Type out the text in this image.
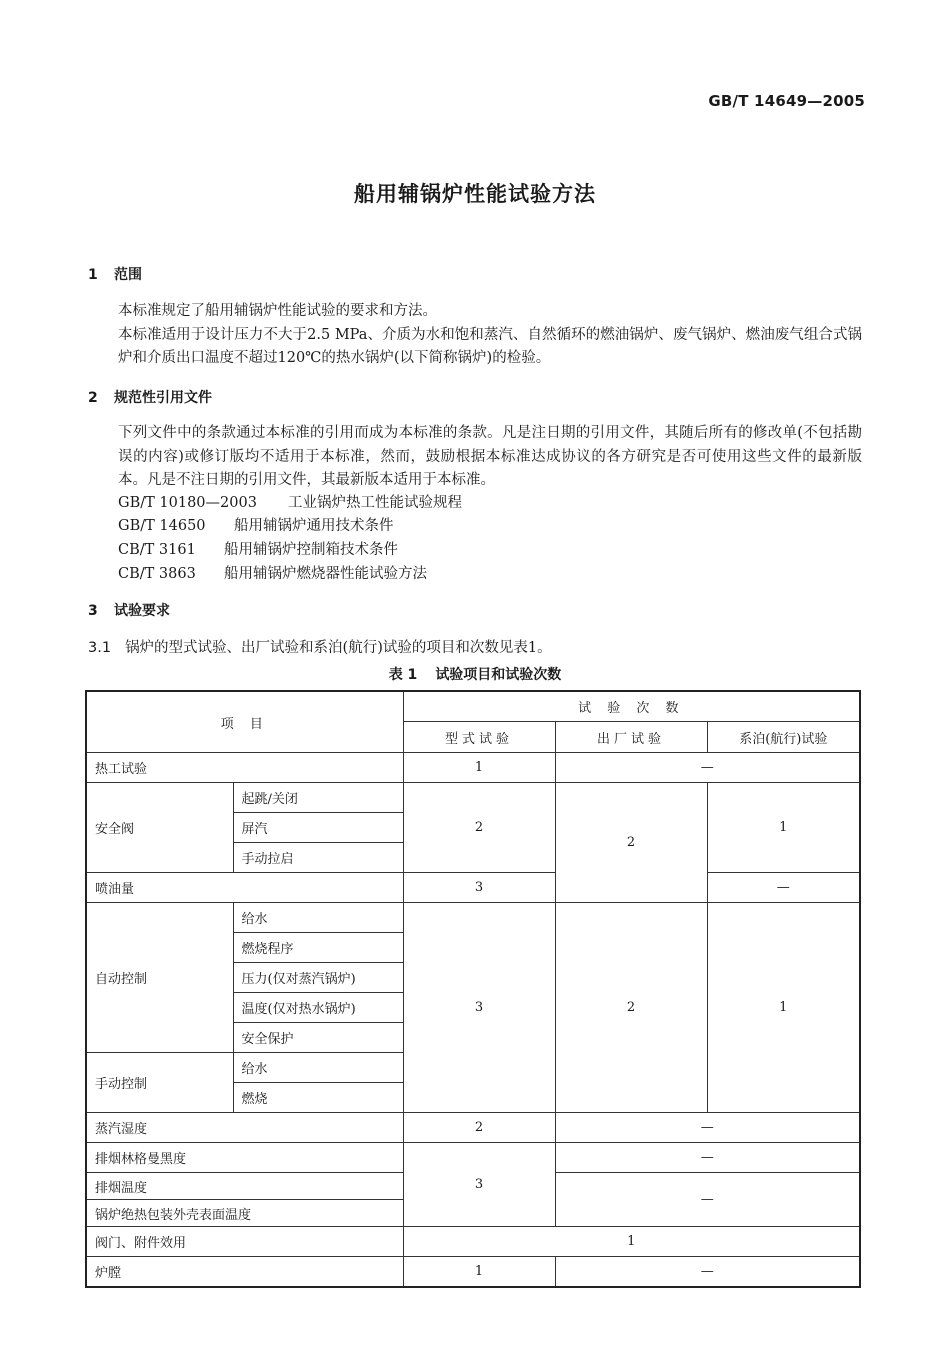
GB/T 14649—2005
船用辅锅炉性能试验方法
1 范围
本标准规定了船用辅锅炉性能试验的要求和方法。
本标准适用于设计压力不大于2.5 MPa、介质为水和饱和蒸汽、自然循环的燃油锅炉、废气锅炉、燃油废气组合式锅炉和介质出口温度不超过120℃的热水锅炉(以下简称锅炉)的检验。
2 规范性引用文件
下列文件中的条款通过本标准的引用而成为本标准的条款。凡是注日期的引用文件，其随后所有的修改单(不包括勘误的内容)或修订版均不适用于本标准，然而，鼓励根据本标准达成协议的各方研究是否可使用这些文件的最新版本。凡是不注日期的引用文件，其最新版本适用于本标准。
GB/T 10180—2003 工业锅炉热工性能试验规程
GB/T 14650 船用辅锅炉通用技术条件
CB/T 3161 船用辅锅炉控制箱技术条件
CB/T 3863 船用辅锅炉燃烧器性能试验方法
3 试验要求
3.1 锅炉的型式试验、出厂试验和系泊(航行)试验的项目和次数见表1。
表 1 试验项目和试验次数
项 目		试 验 次 数		
		型式试验	出厂试验	系泊(航行)试验
热工试验		1	—	
安全阀	起跳/关闭	2	2	1
	屏汽			
	手动拉启			
喷油量		3		—
自动控制	给水	3	2	1
	燃烧程序			
	压力(仅对蒸汽锅炉)			
	温度(仅对热水锅炉)			
	安全保护			
手动控制	给水			
	燃烧			
蒸汽湿度		2	—	
排烟林格曼黑度		3	—	
排烟温度			—	
锅炉绝热包装外壳表面温度				
阀门、附件效用		1		
炉膛		1	—	
